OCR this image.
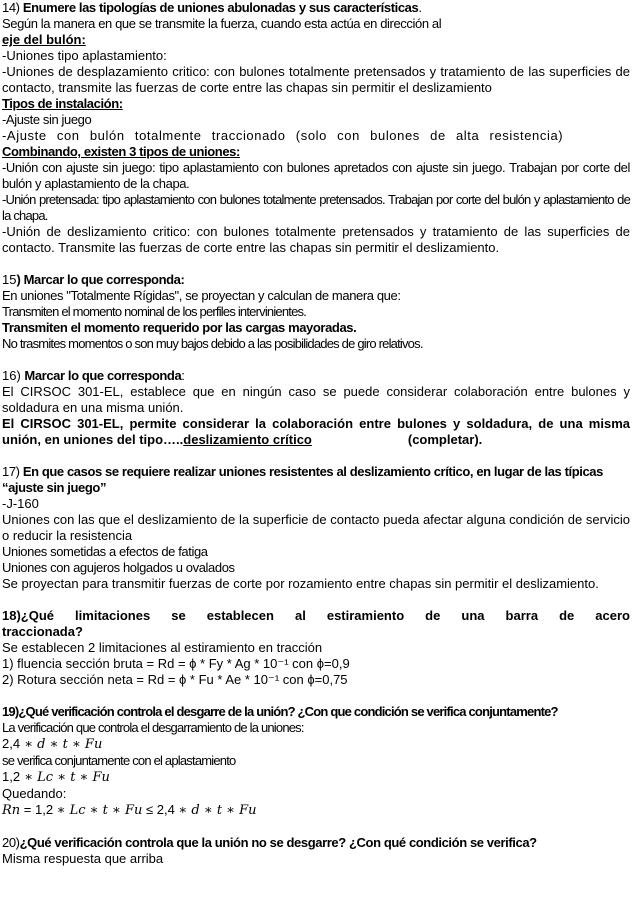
14) Enumere las tipologías de uniones abulonadas y sus características.

Según la manera en que se transmite la fuerza, cuando esta actúa en dirección al

eje del bulón:

-Uniones tipo aplastamiento:

-Uniones de desplazamiento critico: con bulones totalmente pretensados y tratamiento de las superficies de contacto, transmite las fuerzas de corte entre las chapas sin permitir el deslizamiento

Tipos de instalación:

-Ajuste sin juego

-Ajuste con bulón totalmente traccionado (solo con bulones de alta resistencia)

Combinando, existen 3 tipos de uniones:

-Unión con ajuste sin juego: tipo aplastamiento con bulones apretados con ajuste sin juego. Trabajan por corte del bulón y aplastamiento de la chapa.

-Unión pretensada: tipo aplastamiento con bulones totalmente pretensados. Trabajan por corte del bulón y aplastamiento de la chapa.

-Unión de deslizamiento critico: con bulones totalmente pretensados y tratamiento de las superficies de contacto. Transmite las fuerzas de corte entre las chapas sin permitir el deslizamiento.

15) Marcar lo que corresponda:

En uniones "Totalmente Rígidas", se proyectan y calculan de manera que:

Transmiten el momento nominal de los perfiles intervinientes.

Transmiten el momento requerido por las cargas mayoradas.

No trasmites momentos o son muy bajos debido a las posibilidades de giro relativos.

16) Marcar lo que corresponda:

El CIRSOC 301-EL, establece que en ningún caso se puede considerar colaboración entre bulones y soldadura en una misma unión.

El CIRSOC 301-EL, permite considerar la colaboración entre bulones y soldadura, de una misma unión, en uniones del tipo…..deslizamiento crítico	(completar).

17) En que casos se requiere realizar uniones resistentes al deslizamiento crítico, en lugar de las típicas “ajuste sin juego”

-J-160

Uniones con las que el deslizamiento de la superficie de contacto pueda afectar alguna condición de servicio o reducir la resistencia

Uniones sometidas a efectos de fatiga

Uniones con agujeros holgados u ovalados

Se proyectan para transmitir fuerzas de corte por rozamiento entre chapas sin permitir el deslizamiento.

18)¿Qué limitaciones se establecen al estiramiento de una barra de acero traccionada?

Se establecen 2 limitaciones al estiramiento en tracción

1) fluencia sección bruta = Rd = ϕ * Fy * Ag * 10⁻¹ con ϕ=0,9

2) Rotura sección neta = Rd = ϕ * Fu * Ae * 10⁻¹ con ϕ=0,75

19)¿Qué verificación controla el desgarre de la unión? ¿Con que condición se verifica conjuntamente?

La verificación que controla el desgarramiento de la uniones:

2,4 ∗ d ∗ t ∗ Fu

se verifica conjuntamente con el aplastamiento

1,2 ∗ Lc ∗ t ∗ Fu

Quedando:

Rn = 1,2 ∗ Lc ∗ t ∗ Fu ≤ 2,4 ∗ d ∗ t ∗ Fu

20)¿Qué verificación controla que la unión no se desgarre? ¿Con qué condición se verifica?

Misma respuesta que arriba
